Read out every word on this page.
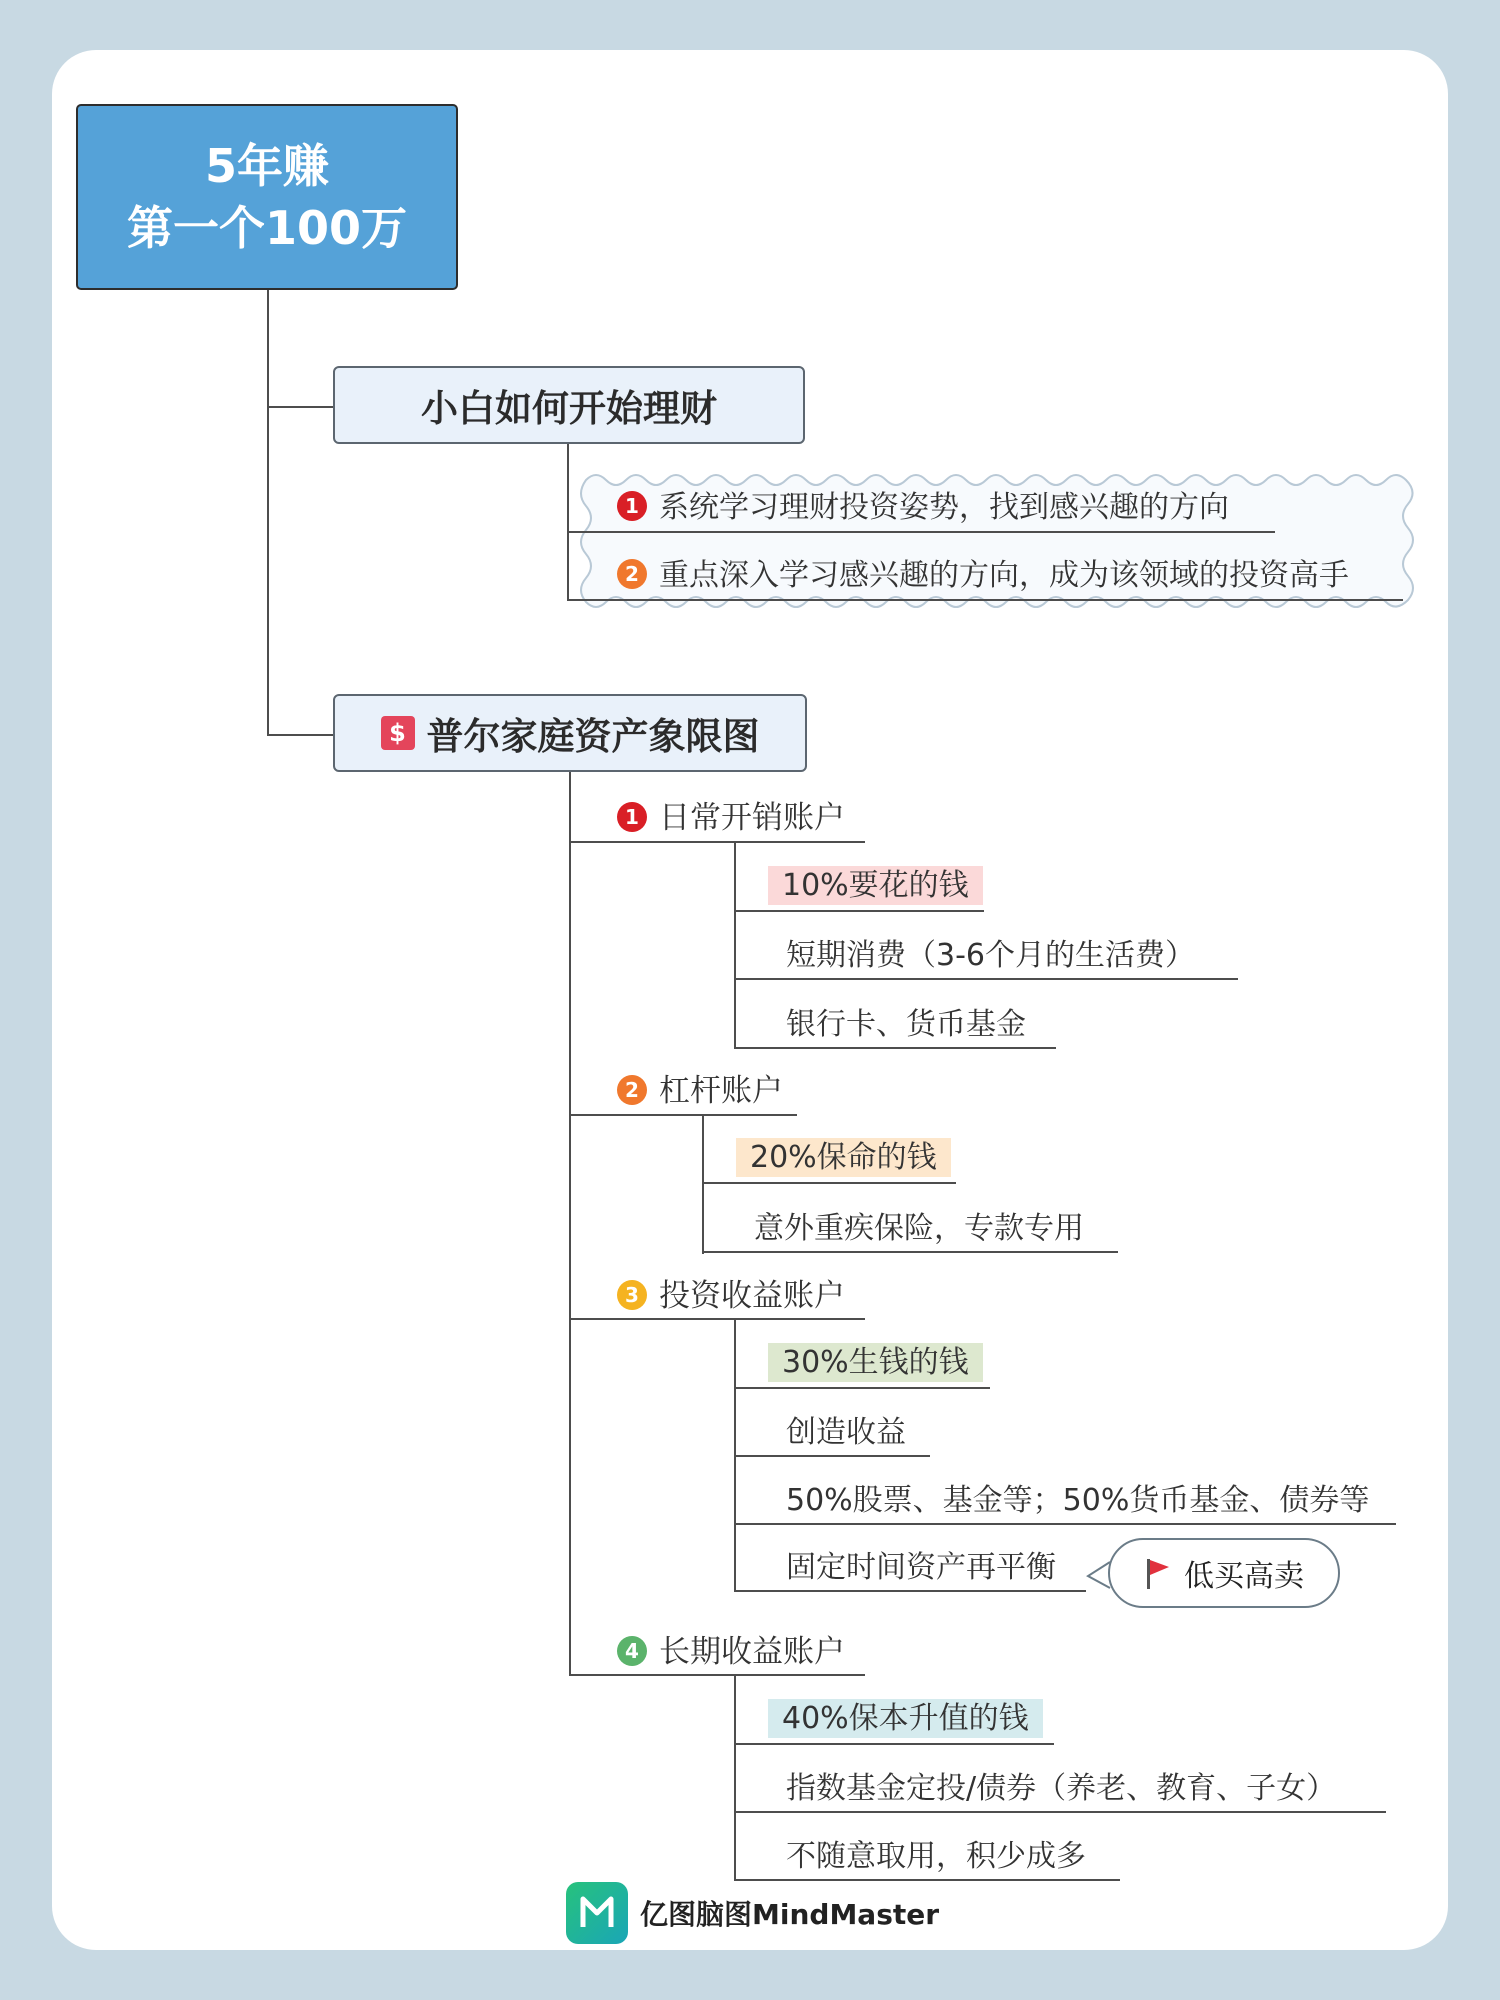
5年赚
第一个100万
小白如何开始理财
1 系统学习理财投资姿势，找到感兴趣的方向
2 重点深入学习感兴趣的方向，成为该领域的投资高手
$ 普尔家庭资产象限图
1 日常开销账户
10%要花的钱
短期消费（3-6个月的生活费）
银行卡、货币基金
2 杠杆账户
20%保命的钱
意外重疾保险，专款专用
3 投资收益账户
30%生钱的钱
创造收益
50%股票、基金等；50%货币基金、债券等
固定时间资产再平衡	低买高卖
4 长期收益账户
40%保本升值的钱
指数基金定投/债券（养老、教育、子女）
不随意取用，积少成多
亿图脑图MindMaster
